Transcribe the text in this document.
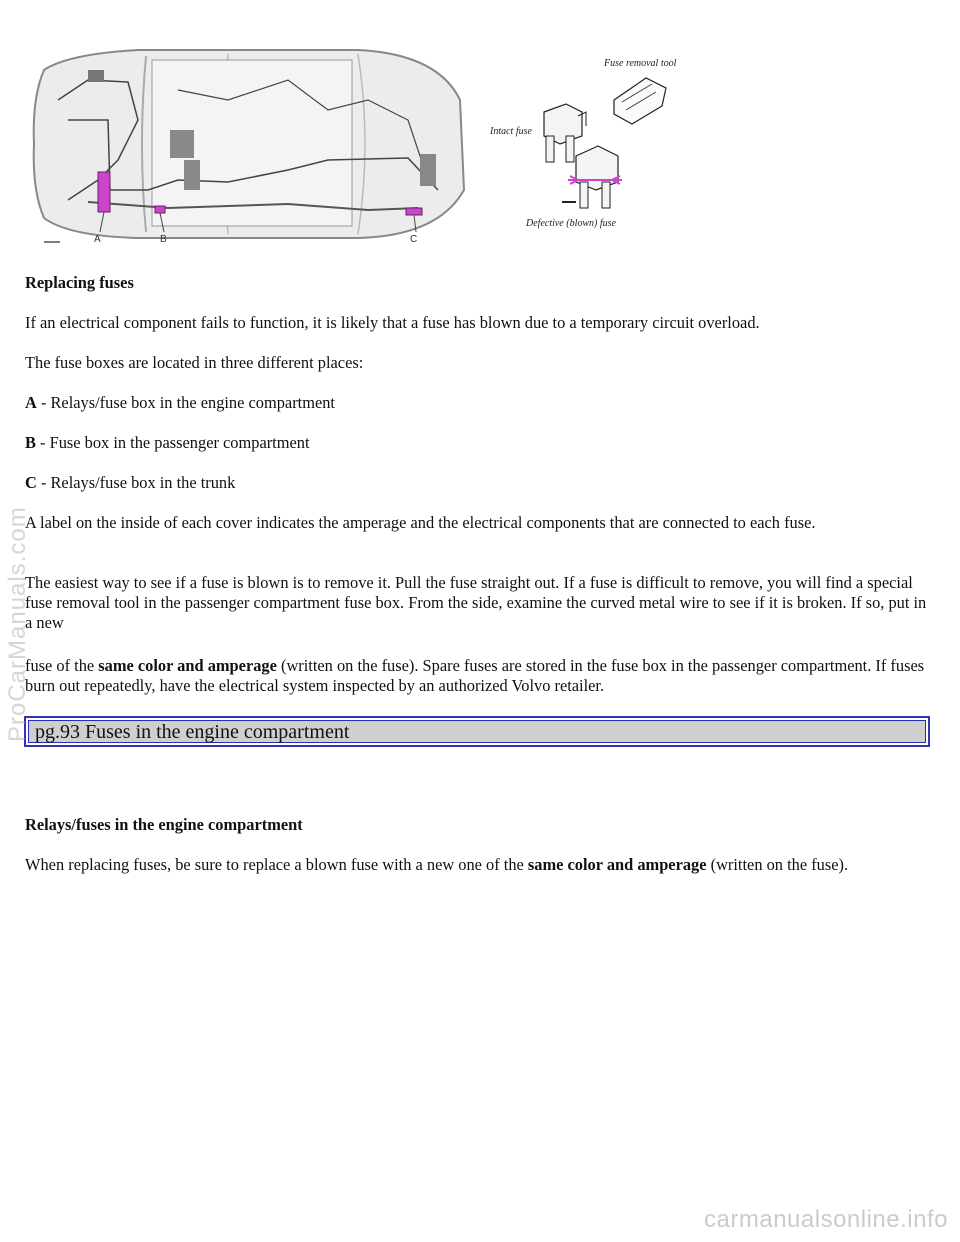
A	B	C
Fuse removal tool
Intact fuse
Defective (blown) fuse
Replacing fuses
If an electrical component fails to function, it is likely that a fuse has blown due to a temporary circuit overload.
The fuse boxes are located in three different places:
A - Relays/fuse box in the engine compartment
B - Fuse box in the passenger compartment
C - Relays/fuse box in the trunk
A label on the inside of each cover indicates the amperage and the electrical components that are connected to each fuse.
The easiest way to see if a fuse is blown is to remove it. Pull the fuse straight out. If a fuse is difficult to remove, you will find a special fuse removal tool in the passenger compartment fuse box. From the side, examine the curved metal wire to see if it is broken. If so, put in a new
fuse of the same color and amperage (written on the fuse). Spare fuses are stored in the fuse box in the passenger compartment. If fuses burn out repeatedly, have the electrical system inspected by an authorized Volvo retailer.
pg.93 Fuses in the engine compartment
Relays/fuses in the engine compartment
When replacing fuses, be sure to replace a blown fuse with a new one of the same color and amperage (written on the fuse).
ProCarManuals.com
carmanualsonline.info
